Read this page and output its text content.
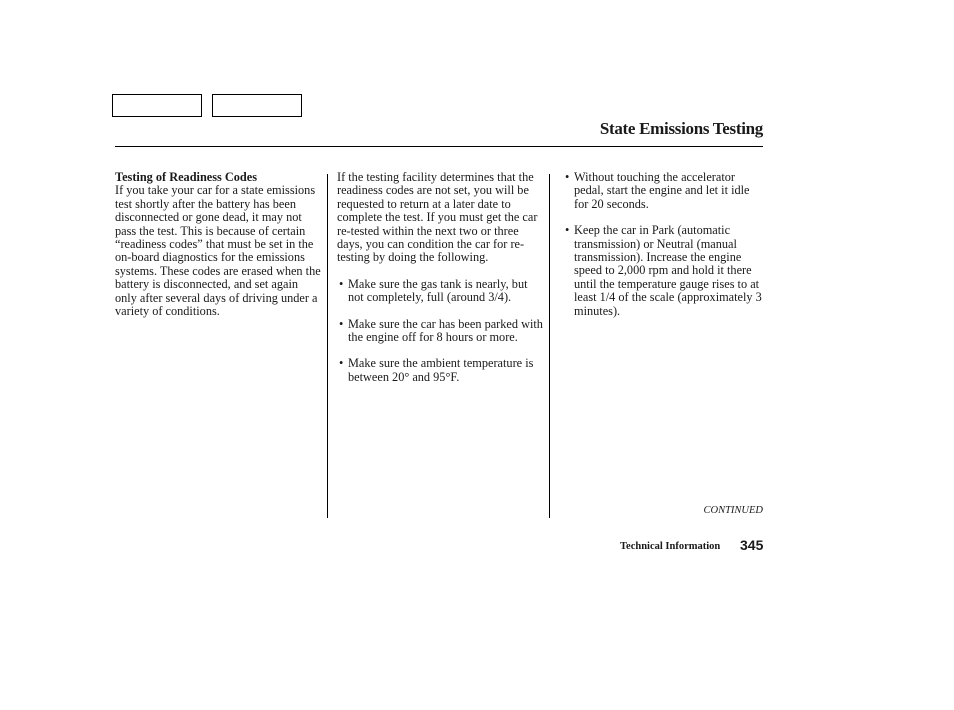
State Emissions Testing

Testing of Readiness Codes

If you take your car for a state emissions test shortly after the battery has been disconnected or gone dead, it may not pass the test. This is because of certain “readiness codes” that must be set in the on-board diagnostics for the emissions systems. These codes are erased when the battery is disconnected, and set again only after several days of driving under a variety of conditions.

If the testing facility determines that the readiness codes are not set, you will be requested to return at a later date to complete the test. If you must get the car re-tested within the next two or three days, you can condition the car for re-testing by doing the following.

• Make sure the gas tank is nearly, but not completely, full (around 3/4).
• Make sure the car has been parked with the engine off for 8 hours or more.
• Make sure the ambient temperature is between 20° and 95°F.
• Without touching the accelerator pedal, start the engine and let it idle for 20 seconds.
• Keep the car in Park (automatic transmission) or Neutral (manual transmission). Increase the engine speed to 2,000 rpm and hold it there until the temperature gauge rises to at least 1/4 of the scale (approximately 3 minutes).
CONTINUED
Technical Information 345
